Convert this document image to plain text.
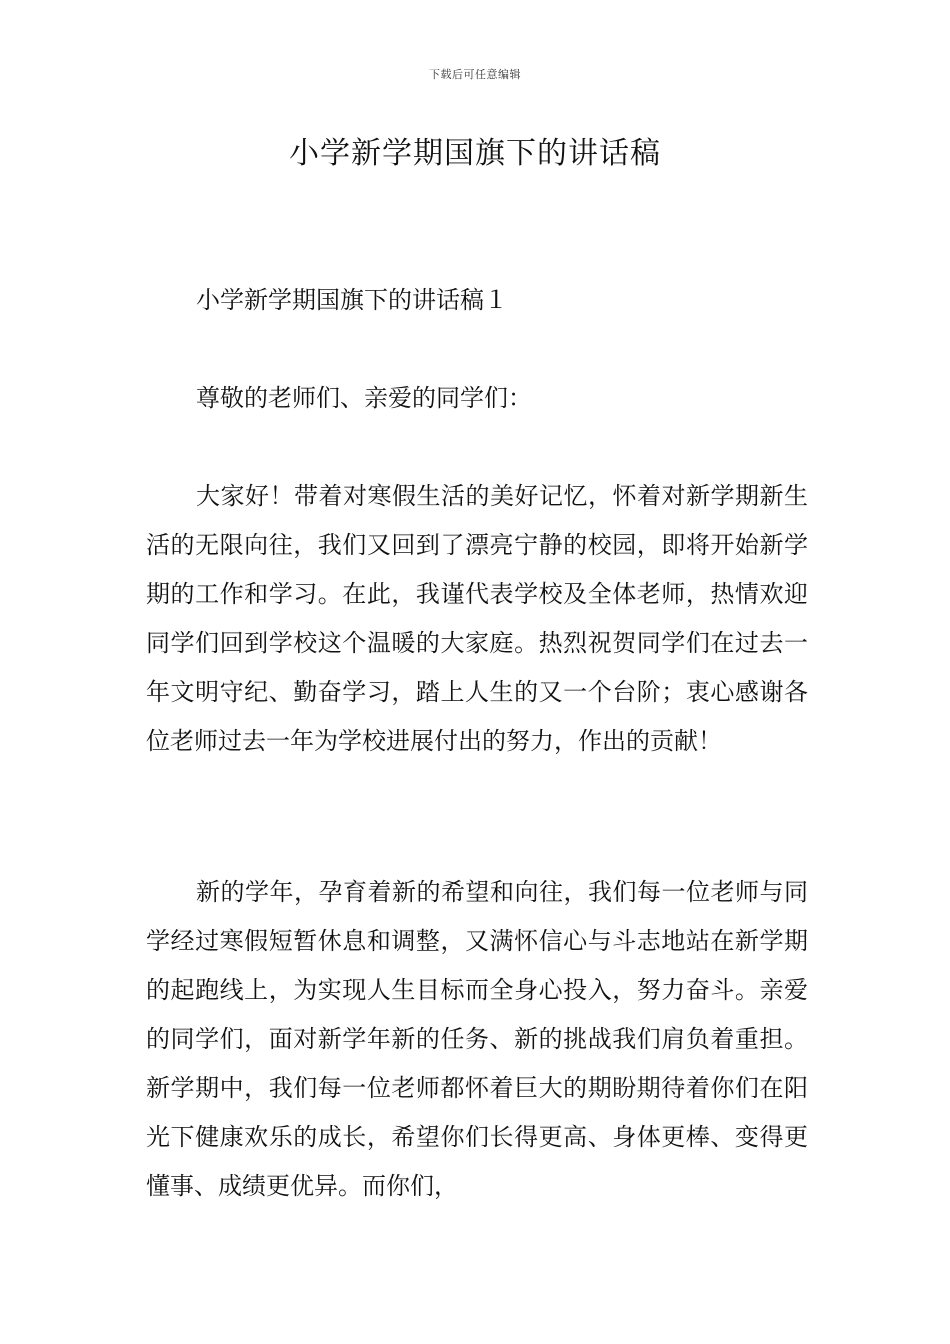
下载后可任意编辑
小学新学期国旗下的讲话稿

小学新学期国旗下的讲话稿１

尊敬的老师们、亲爱的同学们：

大家好！带着对寒假生活的美好记忆，怀着对新学期新生活的无限向往，我们又回到了漂亮宁静的校园，即将开始新学期的工作和学习。在此，我谨代表学校及全体老师，热情欢迎同学们回到学校这个温暖的大家庭。热烈祝贺同学们在过去一年文明守纪、勤奋学习，踏上人生的又一个台阶；衷心感谢各位老师过去一年为学校进展付出的努力，作出的贡献！

新的学年，孕育着新的希望和向往，我们每一位老师与同学经过寒假短暂休息和调整，又满怀信心与斗志地站在新学期的起跑线上，为实现人生目标而全身心投入，努力奋斗。亲爱的同学们，面对新学年新的任务、新的挑战我们肩负着重担。新学期中，我们每一位老师都怀着巨大的期盼期待着你们在阳光下健康欢乐的成长，希望你们长得更高、身体更棒、变得更懂事、成绩更优异。而你们，
